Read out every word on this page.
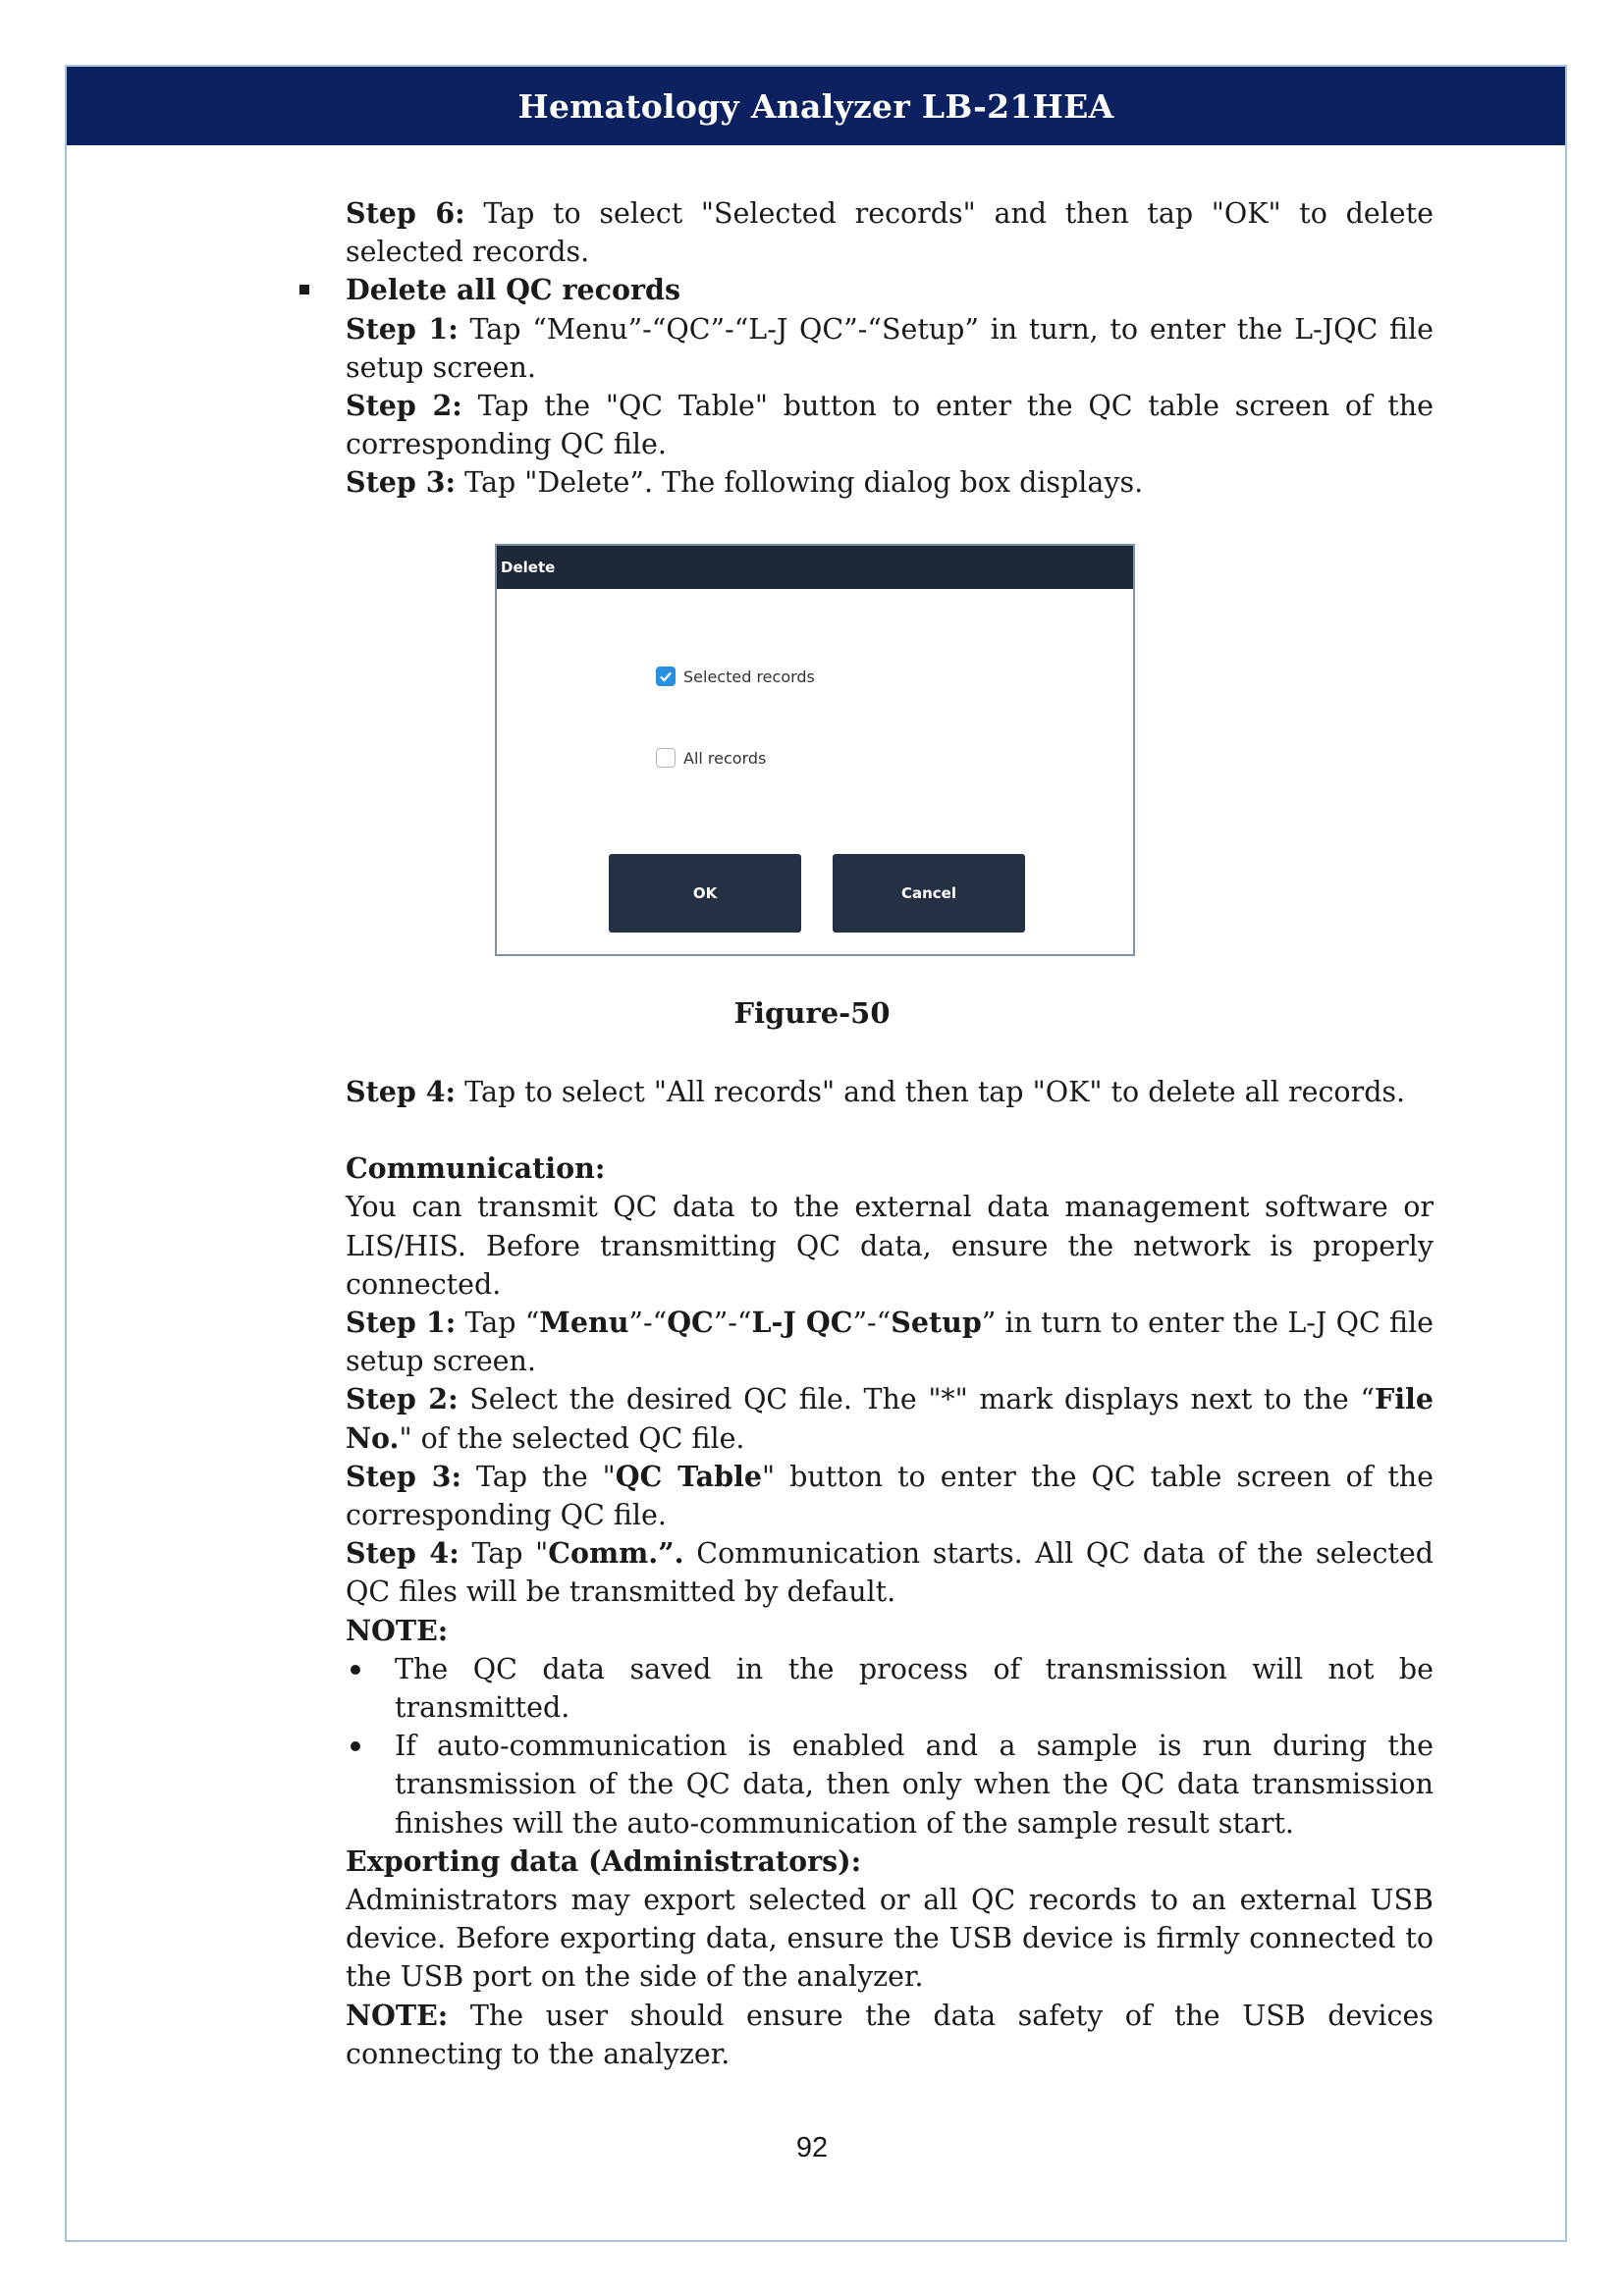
Hematology Analyzer LB-21HEA

Step 6: Tap to select "Selected records" and then tap "OK" to delete selected records.

Delete all QC records

Step 1: Tap “Menu”-“QC”-“L-J QC”-“Setup” in turn, to enter the L-JQC file setup screen.

Step 2: Tap the "QC Table" button to enter the QC table screen of the corresponding QC file.

Step 3: Tap "Delete”. The following dialog box displays.

Delete
Selected records
All records
OK	Cancel
Figure-50

Step 4: Tap to select "All records" and then tap "OK" to delete all records.

Communication:

You can transmit QC data to the external data management software or LIS/HIS. Before transmitting QC data, ensure the network is properly connected.

Step 1: Tap “Menu”-“QC”-“L-J QC”-“Setup” in turn to enter the L-J QC file setup screen.

Step 2: Select the desired QC file. The "*" mark displays next to the “File No." of the selected QC file.

Step 3: Tap the "QC Table" button to enter the QC table screen of the corresponding QC file.

Step 4: Tap "Comm.”. Communication starts. All QC data of the selected QC files will be transmitted by default.

NOTE:

The QC data saved in the process of transmission will not be transmitted.
If auto-communication is enabled and a sample is run during the transmission of the QC data, then only when the QC data transmission finishes will the auto-communication of the sample result start.

Exporting data (Administrators):

Administrators may export selected or all QC records to an external USB device. Before exporting data, ensure the USB device is firmly connected to the USB port on the side of the analyzer.

NOTE: The user should ensure the data safety of the USB devices connecting to the analyzer.

92
